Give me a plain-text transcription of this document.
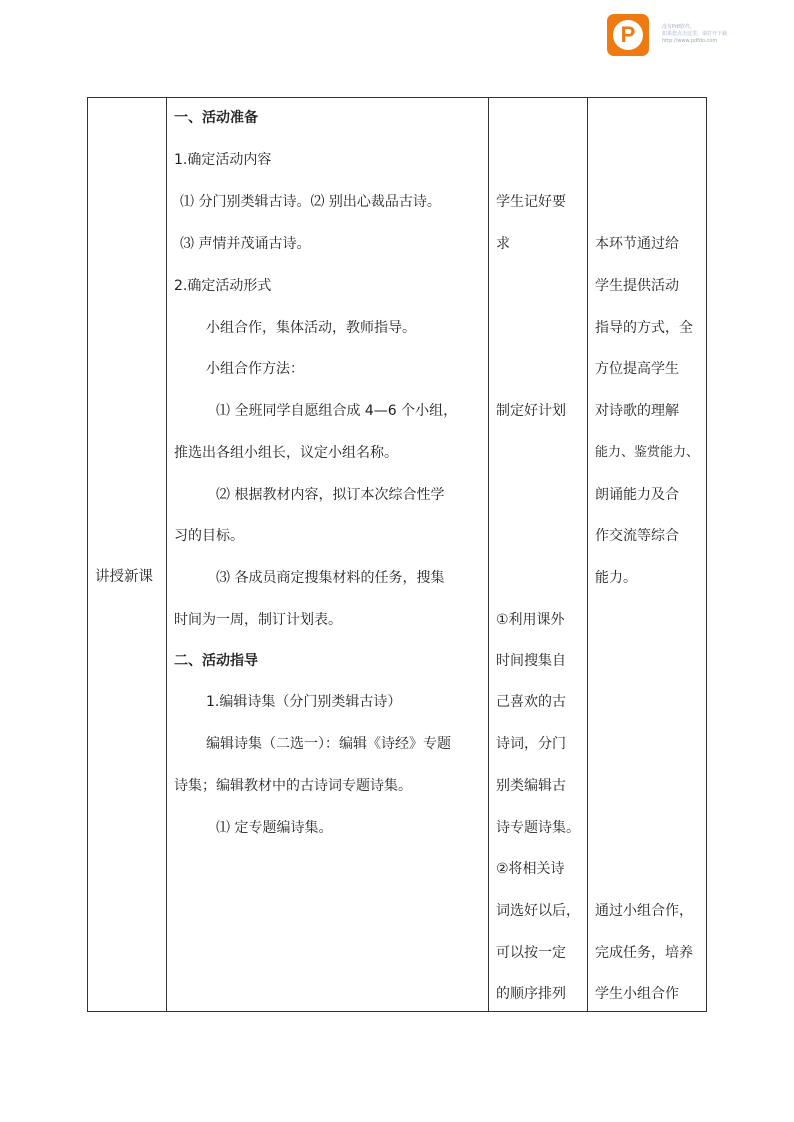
P	没有Pdf软件，
如果您点击这里，请打开下载
http://www.pdfdo.com
讲授新课
一、活动准备
1.确定活动内容
⑴ 分门别类辑古诗。⑵ 别出心裁品古诗。
⑶ 声情并茂诵古诗。
2.确定活动形式
小组合作，集体活动，教师指导。
小组合作方法：
⑴ 全班同学自愿组合成 4—6 个小组，
推选出各组小组长，议定小组名称。
⑵ 根据教材内容，拟订本次综合性学
习的目标。
⑶ 各成员商定搜集材料的任务，搜集
时间为一周，制订计划表。
二、活动指导
1.编辑诗集（分门别类辑古诗）
编辑诗集（二选一）：编辑《诗经》专题
诗集；编辑教材中的古诗词专题诗集。
⑴ 定专题编诗集。
学生记好要
求
制定好计划
①利用课外
时间搜集自
己喜欢的古
诗词，分门
别类编辑古
诗专题诗集。
②将相关诗
词选好以后，
可以按一定
的顺序排列
本环节通过给
学生提供活动
指导的方式，全
方位提高学生
对诗歌的理解
能力、鉴赏能力、
朗诵能力及合
作交流等综合
能力。
通过小组合作，
完成任务，培养
学生小组合作
